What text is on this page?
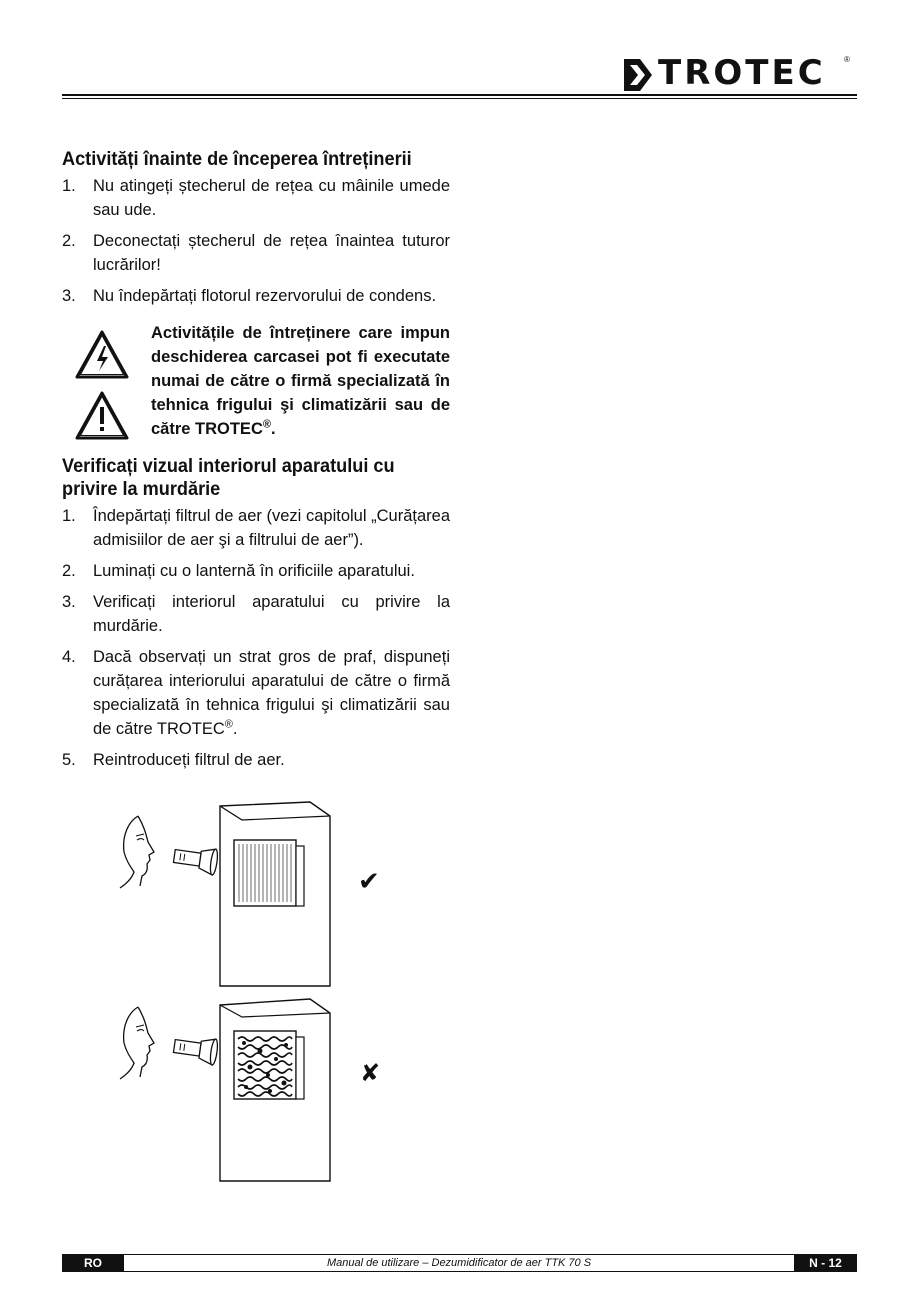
TROTEC ®
Activități înainte de începerea întreținerii
1. Nu atingeți ștecherul de rețea cu mâinile umede sau ude.
2. Deconectați ștecherul de rețea înaintea tuturor lucrărilor!
3. Nu îndepărtați flotorul rezervorului de condens.

Activitățile de întreținere care impun deschiderea carcasei pot fi executate numai de către o firmă specializată în tehnica frigului şi climatizării sau de către TROTEC®.
Verificați vizual interiorul aparatului cu privire la murdărie
1. Îndepărtați filtrul de aer (vezi capitolul „Curățarea admisiilor de aer şi a filtrului de aer”).
2. Luminați cu o lanternă în orificiile aparatului.
3. Verificați interiorul aparatului cu privire la murdărie.
4. Dacă observați un strat gros de praf, dispuneți curățarea interiorului aparatului de către o firmă specializată în tehnica frigului şi climatizării sau de către TROTEC®.
5. Reintroduceți filtrul de aer.
✔
✘
RO	Manual de utilizare – Dezumidificator de aer TTK 70 S	N - 12
